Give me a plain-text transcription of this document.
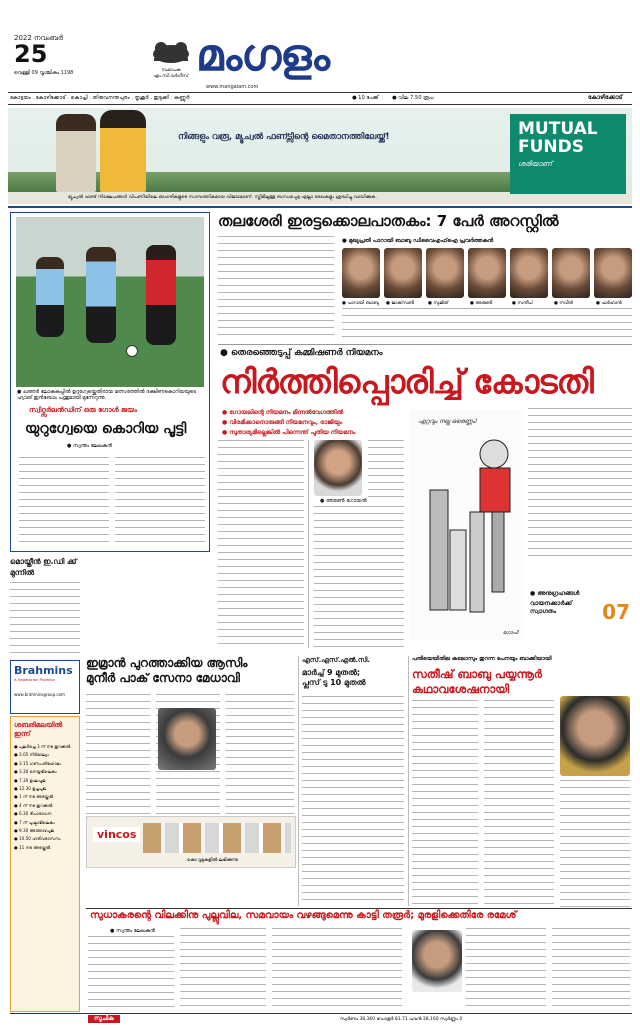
2022 നവംബർ
25
വെള്ളി 09 വൃശ്ചികം 1198	സ്ഥാപക എം.സി.വർഗീസ് മംഗളം
www.mangalam.com
കോട്ടയം . കോഴിക്കോട് . കൊച്ചി . തിരുവനന്തപുരം . തൃശൂർ . ഇടുക്കി . കണ്ണൂർ	● 10 പേജ്	● വില 7.50 രൂപ	കോഴിക്കോട്
നിങ്ങളും വരൂ, മ്യൂച്വൽ ഫണ്ട്സിന്റെ മൈതാനത്തിലേയ്ക്ക്!	MUTUAL
FUNDS
ശരിയാണ്
മ്യൂച്വൽ ഫണ്ട് നിക്ഷേപങ്ങൾ വിപണിയിലെ ഓഹരികളുടെ സാമ്പത്തികമായ വിജയമാണ്. സ്കീമിലുള്ള ബന്ധപ്പെട്ട എല്ലാ രേഖകളും ശ്രദ്ധിച്ചു വായിക്കുക.
● ഖത്തർ ലോകകപ്പിൽ ഉറുഗ്വേയ്ക്കെതിരായ മത്സരത്തിൽ ദക്ഷിണകൊറിയയുടെ ഹ്വാങ് ഇൻബോം പന്തുമായി മുന്നേറുന്നു.
സ്വിറ്റ്സർലൻഡിന് ഒരു ഗോൾ ജയം
യുറുഗ്വേയെ കൊറിയ പൂട്ടി
● സ്വന്തം ലേഖകൻ
തലശേരി ഇരട്ടക്കൊലപാതകം: 7 പേർ അറസ്റ്റിൽ
● മുഖ്യപ്രതി പാറായി ബാബു ഡിവൈഎഫ്ഐ പ്രവർത്തകൻ
● പാറായി ബാബു ● ജാക്‌സൺ	● സുജിത്	● അരുൺ	● സന്ദീപ്	● നവീൻ	● ഫർഹാൻ
● തെരഞ്ഞെടുപ്പ് കമ്മിഷണർ നിയമനം
നിർത്തിപ്പൊരിച്ച് കോടതി
● ഗോയലിന്റെ നിയമനം മിന്നൽവേഗത്തിൽ
● വിരമിക്കാനൊരുങ്ങി നിയമനവും, രാജിയും
● സുതാര്യമില്ലെങ്കിൽ പിന്നെന്ത് പുതിയ നിയമനം
● അരുൺ ഗോയൽ
ഏറ്റവും നല്ല ഒരെണ്ണം!
ഗോപി
● അനുഗ്രഹങ്ങൾ
വായനക്കാർക്ക് സ്വാഗതം	07
മൊയ്തീൻ ഇ.ഡി ക്ക് മുന്നിൽ
Brahmins
A Vegetarian Promise
www.brahminsgroup.com
ശബരിമലയിൽ ഇന്ന്
● പുലർച്ചെ 3 ന് നട തുറക്കൽ
● 3.05 നിർമാല്യം
● 3.15 ഗണപതിഹോമം
● 3.30 നെയ്യഭിഷേകം
● 7.30 ഉഷഃപൂജ
● 12.30 ഉച്ചപൂജ
● 1 ന് നട അടയ്ക്കൽ
● 4 ന് നട തുറക്കൽ
● 6.30 ദീപാരാധന
● 7 ന് പുഷ്പാഭിഷേകം
● 9.30 അത്താഴപൂജ
● 10.50 ഹരിവരാസനം
● 11 നട അടയ്ക്കൽ
ഇമ്രാൻ പുറത്താക്കിയ ആസിം
മുനീർ പാക് സേനാ മേധാവി
vincos
ഷോ റൂമുകളിൽ ലഭിക്കുന്നു
എസ്.എസ്.എൽ.സി.
മാർച്ച് 9 മുതൽ;
പ്ലസ് ടു 10 മുതൽ
പതിയെയിതില കടലാസും തുറന്ന പേനയും ബാക്കിയായി
സതീഷ് ബാബു പയ്യന്നൂർ
കഥാവശേഷനായി
സുധാകരന്റെ വിലക്കിനു പുല്ലുവില, സമവായം വഴങ്ങുമെന്നു കാട്ടി തരൂർ; മുരളിക്കെതിരേ രമേശ്
● സ്വന്തം ലേഖകൻ
സൂചിക	സ്വർണം 38,360 ഡോളർ 81.71 പവൻ 38,160 സ്വർണ്ണം 0
